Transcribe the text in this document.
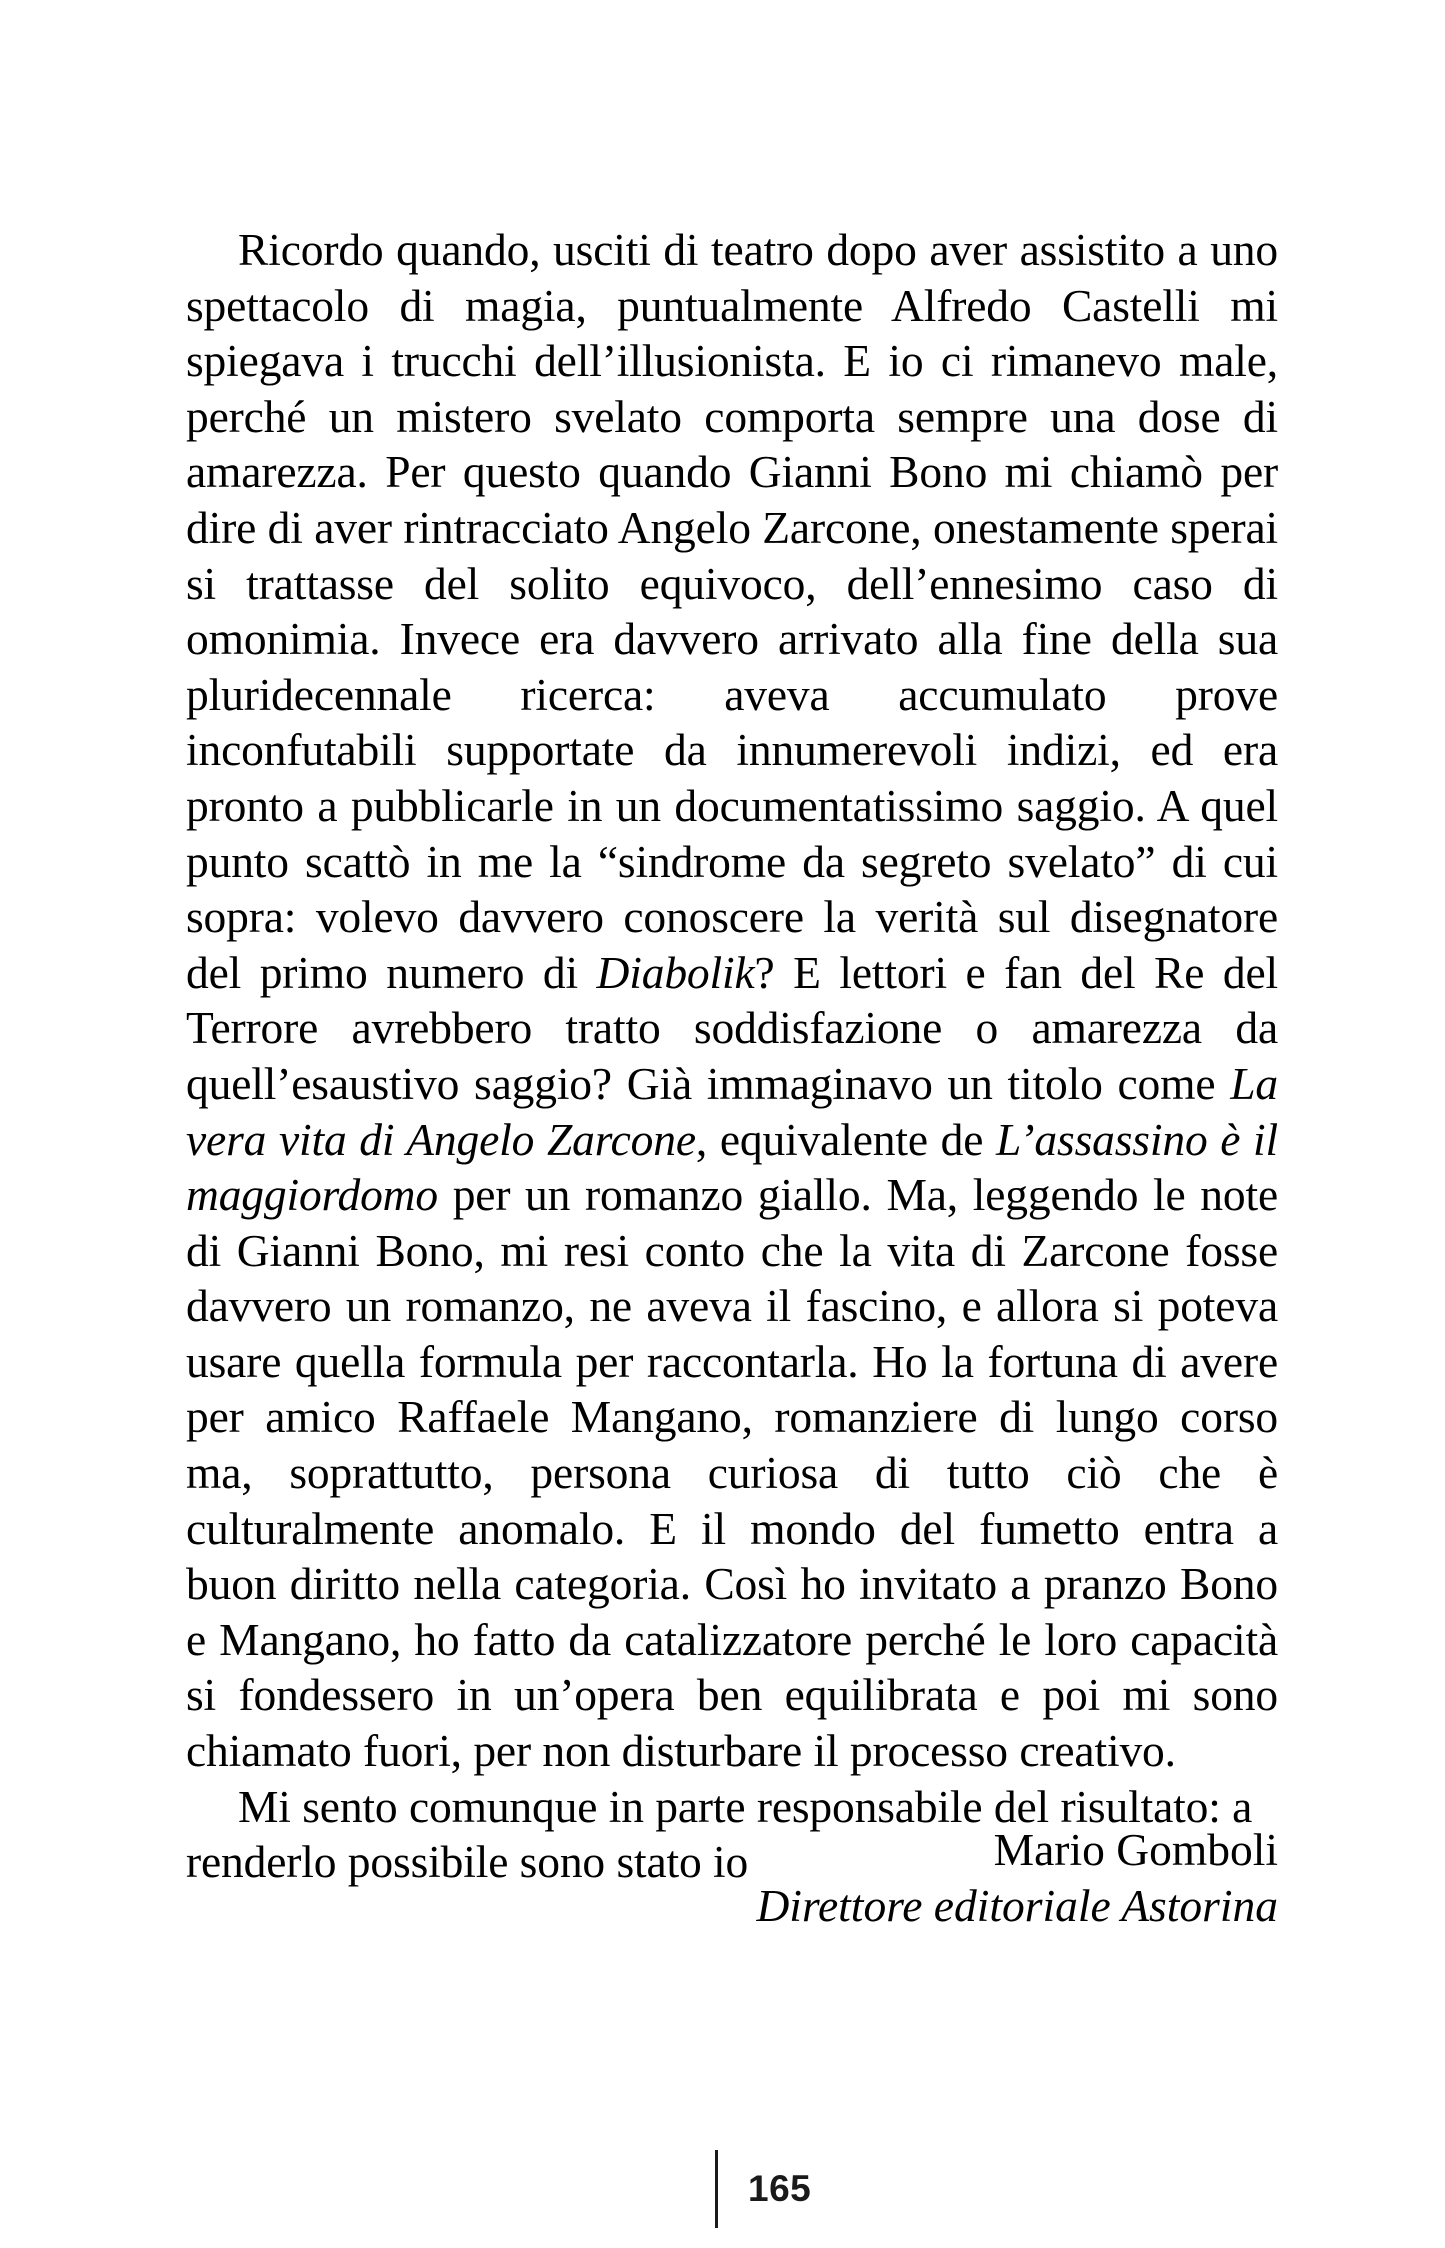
Ricordo quando, usciti di teatro dopo aver assistito a uno spettacolo di magia, puntualmente Alfredo Castelli mi spiegava i trucchi dell’illusionista. E io ci rimanevo male, perché un mistero svelato comporta sempre una dose di amarezza. Per questo quando Gianni Bono mi chiamò per dire di aver rintracciato Angelo Zarcone, onestamente sperai si trattasse del solito equivoco, dell’ennesimo caso di omonimia. Invece era davvero arrivato alla fine della sua pluridecennale ricerca: aveva accumulato prove inconfutabili supportate da innumerevoli indizi, ed era pronto a pubblicarle in un documentatissimo saggio. A quel punto scattò in me la “sindrome da segreto svelato” di cui sopra: volevo davvero conoscere la verità sul disegnatore del primo numero di Diabolik? E lettori e fan del Re del Terrore avrebbero tratto soddisfazione o amarezza da quell’esaustivo saggio? Già immaginavo un titolo come La vera vita di Angelo Zarcone, equivalente de L’assassino è il maggiordomo per un romanzo giallo. Ma, leggendo le note di Gianni Bono, mi resi conto che la vita di Zarcone fosse davvero un romanzo, ne aveva il fascino, e allora si poteva usare quella formula per raccontarla. Ho la fortuna di avere per amico Raffaele Mangano, romanziere di lungo corso ma, soprattutto, persona curiosa di tutto ciò che è culturalmente anomalo. E il mondo del fumetto entra a buon diritto nella categoria. Così ho invitato a pranzo Bono e Mangano, ho fatto da catalizzatore perché le loro capacità si fondessero in un’opera ben equilibrata e poi mi sono chiamato fuori, per non disturbare il processo creativo.

Mi sento comunque in parte responsabile del risultato: a renderlo possibile sono stato io	Mario Gomboli
Direttore editoriale Astorina
165
